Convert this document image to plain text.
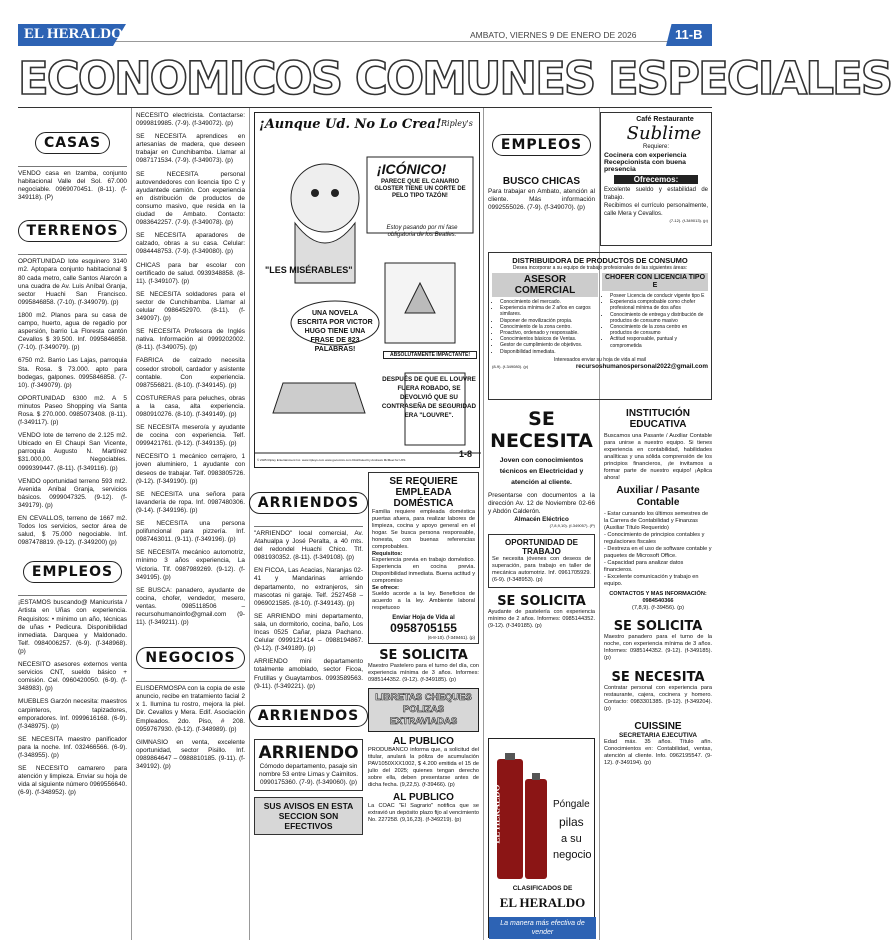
EL HERALDO	AMBATO, VIERNES 9 DE ENERO DE 2026	11-B
ECONOMICOS COMUNES ESPECIALES
CASAS
VENDO casa en Izamba, conjunto habitacional Valle del Sol. 67.000 negociable. 0969070451. (8-11). (f-349118). (P)
TERRENOS
OPORTUNIDAD lote esquinero 3140 m2. Aptopara conjunto habitacional $ 80 cada metro, calle Santos Alarcón a una cuadra de Av. Luis Aníbal Granja, sector Huachi San Francisco. 0995846858. (7-10). (f-349079). (p)
1800 m2. Planos para su casa de campo, huerto, agua de regadío por aspersión, barrio La Floresta cantón Cevallos $ 39.500. Inf. 0995846858. (7-10). (f-349079). (p)
6750 m2. Barrio Las Lajas, parroquia Sta. Rosa. $ 73.000. apto para bodegas, galpones. 0995846858. (7-10). (f-349079). (p)
OPORTUNIDAD 6300 m2. A 5 minutos Paseo Shopping vía Santa Rosa. $ 270.000. 0985073408. (8-11). (f-349117). (p)
VENDO lote de terreno de 2.125 m2. Ubicado en El Chaupi San Vicente, parroquia Augusto N. Martínez $31.000,00. Negociables. 0999399447. (8-11). (f-349116). (p)
VENDO oportunidad terreno 593 mt2. Avenida Aníbal Granja, servicios básicos. 0999047325. (9-12). (f-349179). (p)
EN CEVALLOS, terreno de 1667 m2. Todos los servicios, sector área de salud, $ 75.000 negociable. Inf. 0987478819. (9-12). (f-349200) (p)
EMPLEOS
¡ESTAMOS buscando@ Manicurista / Artista en Uñas con experiencia. Requisitos: • mínimo un año, técnicas de uñas • Pedicura. Disponibilidad inmediata. Darquea y Maldonado. Telf. 0984006257. (6-9). (f-348968). (p)
NECESITO asesores externos venta servicios CNT, sueldo básico + comisión. Cel. 0960420050. (6-9). (f-348983). (p)
MUEBLES Garzón necesita: maestros carpinteros, tapizadores, emporadores. Inf. 0999616168. (6-9). (f-348975). (p)
SE NECESITA maestro panificador para la noche. Inf. 032466566. (6-9). (f-348955). (p)
SE NECESITO camarero para atención y limpieza. Enviar su hoja de vida al siguiente número 0969556640. (6-9). (f-348952). (p)
NECESITO electricista. Contactarse: 0999819985. (7-9). (f-349072). (p)
SE NECESITA aprendices en artesanías de madera, que deseen trabajar en Cunchibamba. Llamar al 0987171534. (7-9). (f-349073). (p)
SE NECESITA personal autovendedores con licencia tipo C y ayudantede camión. Con experiencia en distribución de productos de consumo masivo, que resida en la ciudad de Ambato. Contacto: 0983642257. (7-9). (f-349078). (p)
SE NECESITA aparadores de calzado, obras a su casa. Celular: 0984448753. (7-9). (f-349080). (p)
CHICAS para bar escolar con certificado de salud. 0939348858. (8-11). (f-349107). (p)
SE NECESITA soldadores para el sector de Cunchibamba. Llamar al celular 0986452970. (8-11). (f-349097). (p)
SE NECESITA Profesora de Inglés nativa. Información al 0999202002. (8-11). (f-349075). (p)
FABRICA de calzado necesita cosedor stroboll, cardador y asistente contable. Con experiencia. 0987556821. (8-10). (f-349145). (p)
COSTURERAS para peluches, obras a la casa, alta experiencia. 0980910276. (8-10). (f-349149). (p)
SE NECESITA mesero/a y ayudante de cocina con experiencia. Telf. 0999421761. (9-12). (f-349135). (p)
NECESITO 1 mecánico cerrajero, 1 joven aluminiero, 1 ayudante con deseos de trabajar. Telf. 0983805726. (9-12). (f-349190). (p)
SE NECESITA una señora para lavandería de ropa. Inf. 0987480306. (9-14). (f-349196). (p)
SE NECESITA una persona polifuncional para pizzería. Inf. 0987463011. (9-11). (f-349196). (p)
SE NECESITA mecánico automotriz, mínimo 3 años experiencia, La Victoria. Tlf. 0987989269. (9-12). (f-349195). (p)
SE BUSCA: panadero, ayudante de cocina, chofer, vendedor, mesero, ventas. 0985118506 – recursohumanoinfo@gmail.com (9-11). (f-349211). (p)
NEGOCIOS
ELISDERMOSPA con la copia de este anuncio, recibe en tratamiento facial 2 x 1. Ilumina tu rostro, mejora la piel. Dir. Cevallos y Mera. Edif. Asociación Empleados. 2do. Piso, # 208. 0959767930. (9-12). (f-348989). (p)
GIMNASIO en venta, excelente oportunidad, sector Pisillo. Inf. 0989864647 – 0988810185. (9-11). (f-349192). (p)
¡Aunque Ud. No Lo Crea! Ripley's
¡ICÓNICO!
PARECE QUE EL CANARIO GLOSTER TIENE UN CORTE DE PELO TIPO TAZÓN!
Estoy pasando por mi fase obligatoria de los Beatles.
"LES MISÉRABLES"
UNA NOVELA ESCRITA POR VICTOR HUGO TIENE UNA FRASE DE 823 PALABRAS!
ABSOLUTAMENTE IMPACTANTE!
DESPUÉS DE QUE EL LOUVRE FUERA ROBADO, SE DEVOLVIÓ QUE SU CONTRASEÑA DE SEGURIDAD ERA "LOUVRE".
1-8
© 2025 Ripley Entertainment Inc. www.ripleys.com www.gocomics.com Distributed by Andrews McMeel for UFS
ARRIENDOS
"ARRIENDO" local comercial, Av. Atahualpa y José Peralta, a 40 mts. del redondel Huachi Chico. Tlf. 0981930352. (8-11). (f-349108). (p)
EN FICOA, Las Acacias, Naranjas 02-41 y Mandarinas arriendo departamento, no extranjeros, sin mascotas ni garaje. Telf. 2527458 – 0969021585. (8-10). (f-349143). (p)
SE ARRIENDO mini departamento, sala, un dormitorio, cocina, baño, Los Incas 0525 Cañar, plaza Pachano. Celular 0999121414 – 0988194867. (9-12). (f-349189). (p)
ARRIENDO mini departamento totalmente amoblado, sector Ficoa, Frutillas y Guaytambos. 0993589563. (9-11). (f-349221). (p)
ARRIENDOS
ARRIENDO
Cómodo departamento, pasaje sin nombre 53 entre Limas y Caimitos. 0990175360. (7-9). (f-349060). (p)
SUS AVISOS EN ESTA SECCION SON EFECTIVOS
SE REQUIERE EMPLEADA DOMÉSTICA
Familia requiere empleada doméstica puertas afuera, para realizar labores de limpieza, cocina y apoyo general en el hogar. Se busca persona responsable, honesta, con buenas referencias comprobables.
Requisitos:
Experiencia previa en trabajo doméstico. Experiencia en cocina previa. Disponibilidad inmediata. Buena actitud y compromiso
Se ofrece:
Sueldo acorde a la ley. Beneficios de acuerdo a la ley. Ambiente laboral respetuoso
Enviar Hoja de Vida al
0958705155
(6-8-10). (f-349461). (p)
SE SOLICITA
Maestro Pastelero para el turno del día, con experiencia mínima de 3 años. Informes: 0985144352. (9-12). (f-349185). (p)
LIBRETAS CHEQUES POLIZAS EXTRAVIADAS
AL PUBLICO
PRODUBANCO informa que, a solicitud del titular, anulará la póliza de acumulación PAV1050XXX1002, $ 4.200 emitida el 15 de julio del 2025; quienes tengan derecho sobre ella, deben presentarse antes de dicha fecha. (9,22,5). (f-39466). (p)
AL PUBLICO
La COAC "El Sagrario" notifica que se extravió un depósito plazo fijo al vencimiento No. 227258. (9,16,23). (f-349219). (p)
EMPLEOS
BUSCO CHICAS
Para trabajar en Ambato, atención al cliente. Más información 0992555026. (7-9). (f-349070). (p)
Café Restaurante
Sublime
Requiere:
Cocinera con experiencia
Recepcionista con buena presencia
Ofrecemos:
Excelente sueldo y estabilidad de trabajo.
Recibimos el currículo personalmente, calle Mera y Cevallos.
(7-12). (f-349013). (p)
DISTRIBUIDORA DE PRODUCTOS DE CONSUMO
Desea incorporar a su equipo de trabajo profesionales de las siguientes áreas:
ASESOR COMERCIAL
• Conocimiento del mercado.
• Experiencia mínima de 2 años en cargos similares.
• Disponer de movilización propia.
• Conocimiento de la zona centro.
• Proactivo, ordenado y responsable.
• Conocimientos básicos de Ventas.
• Gestor de cumplimiento de objetivos.
• Disponibilidad inmediata.
CHOFER CON LICENCIA TIPO E
• Poseer Licencia de conducir vigente tipo E
• Experiencia comprobable como chofer profesional mínima de dos años
• Conocimiento de entrega y distribución de productos de consumo masivo
• Conocimiento de la zona centro en productos de consumo
• Actitud responsable, puntual y comprometida
Interesados enviar su hoja de vida al mail
(8-9). (f-349080). (p)	recursoshumanospersonal2022@gmail.com
SE NECESITA
Joven con conocimientos técnicos en Electricidad y atención al cliente.
Presentarse con documentos a la dirección Av. 12 de Noviembre 02-66 y Abdón Calderón.
Almacén Eléctrico
(7,8,9,10). (f-349057). (P)
OPORTUNIDAD DE TRABAJO
Se necesita jóvenes con deseos de superación, para trabajo en taller de mecánica automotriz. Inf. 0961705929. (6-9). (f-348953). (p)
SE SOLICITA
Ayudante de pastelería con experiencia mínimo de 2 años. Informes: 0985144352. (9-12). (f-349185). (p)
EL HERALDO	Póngale
pilas
a su
negocio
CLASIFICADOS DE
EL HERALDO
La manera más efectiva de vender
INSTITUCIÓN EDUCATIVA
Buscamos una Pasante / Auxiliar Contable para unirse a nuestro equipo. Si tienes experiencia en contabilidad, habilidades analíticas y una sólida comprensión de los principios financieros, ¡te invitamos a formar parte de nuestro equipo! ¡Aplica ahora!
Auxiliar / Pasante Contable
- Estar cursando los últimos semestres de la Carrera de Contabilidad y Finanzas (Auxiliar Título Requerido)
- Conocimiento de principios contables y regulaciones fiscales
- Destreza en el uso de software contable y paquetes de Microsoft Office.
- Capacidad para analizar datos financieros.
- Excelente comunicación y trabajo en equipo.
CONTACTOS Y MAS INFORMACIÓN: 0984540366
(7,8,9). (f-39456). (p)
SE SOLICITA
Maestro panadero para el turno de la noche, con experiencia mínima de 3 años. Informes: 0985144352. (9-12). (f-349185). (p)
SE NECESITA
Contratar personal con experiencia para restaurante, cajera, cocinera y homero. Contacto: 0983301385. (9-12). (f-349204). (p)
CUISSINE
SECRETARIA EJECUTIVA
Edad máx. 35 años. Título afín. Conocimientos en: Contabilidad, ventas, atención al cliente. Info. 0962195547. (9-12). (f-349194). (p)
